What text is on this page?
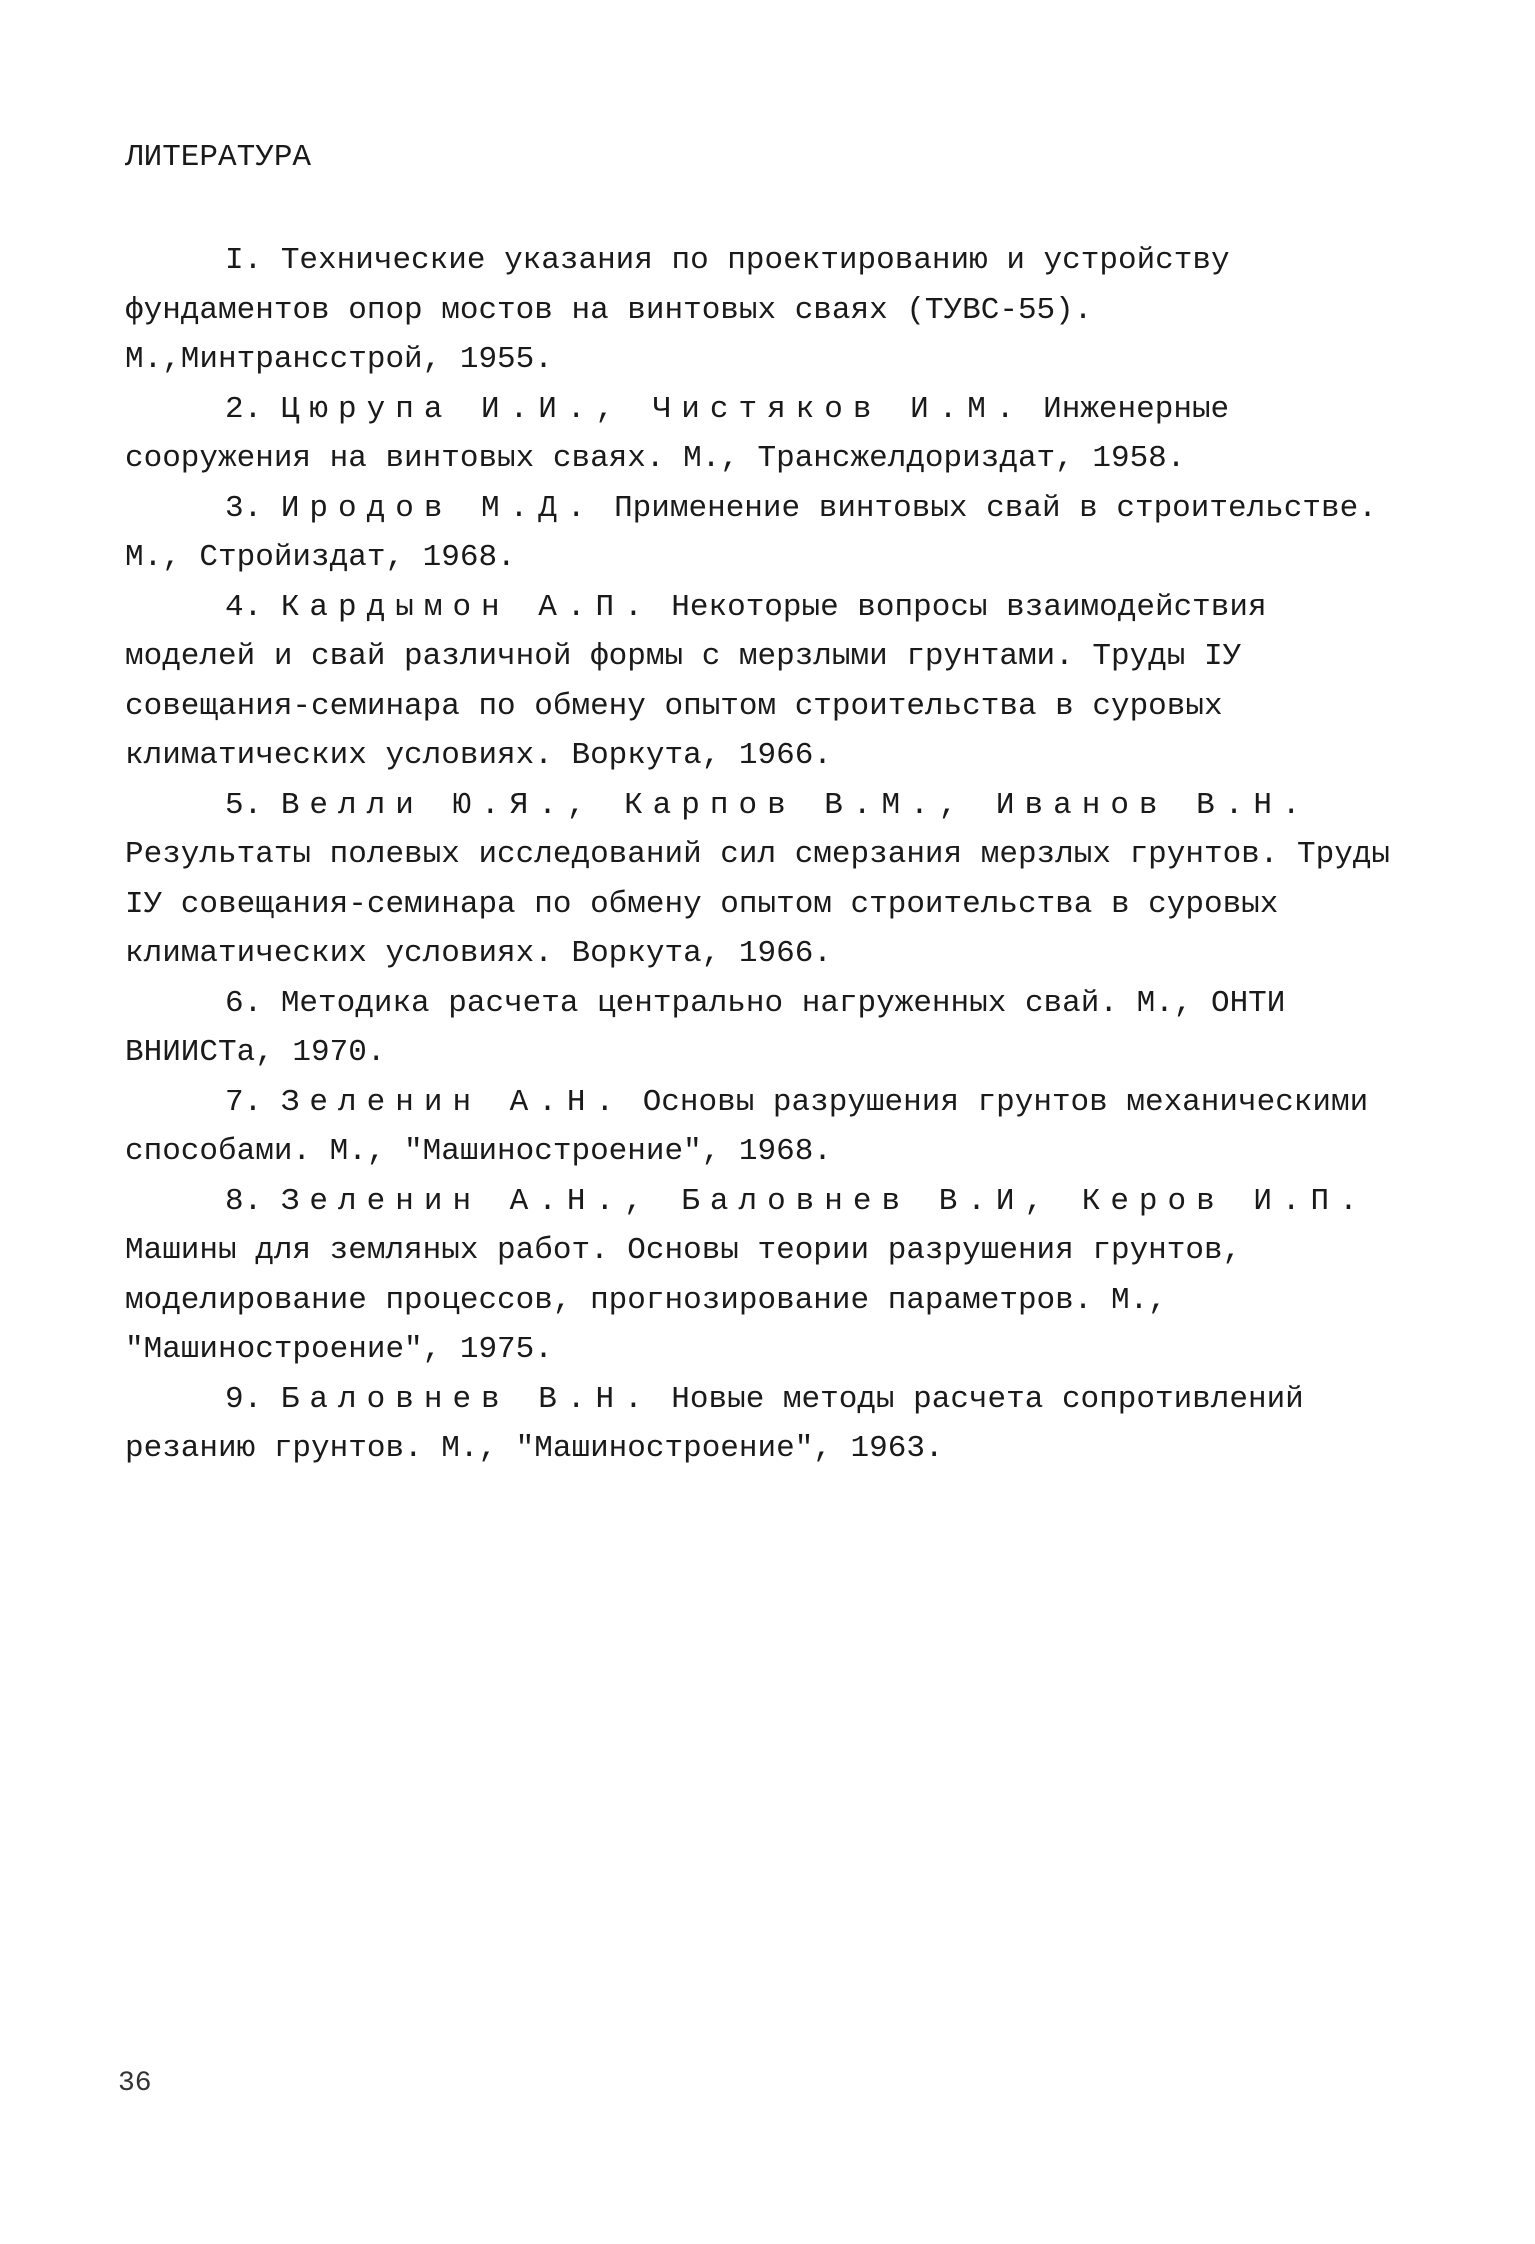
ЛИТЕРАТУРА
I. Технические указания по проектированию и устройству фундаментов опор мостов на винтовых сваях (ТУВС-55). М.,Минтрансстрой, 1955.
2. Цюрупа И.И., Чистяков И.М. Инженерные сооружения на винтовых сваях. М., Трансжелдориздат, 1958.
3. Иродов М.Д. Применение винтовых свай в строительстве. М., Стройиздат, 1968.
4. Кардымон А.П. Некоторые вопросы взаимодействия моделей и свай различной формы с мерзлыми грунтами. Труды IУ совещания-семинара по обмену опытом строительства в суровых климатических условиях. Воркута, 1966.
5. Велли Ю.Я., Карпов В.М., Иванов В.Н. Результаты полевых исследований сил смерзания мерзлых грунтов. Труды IУ совещания-семинара по обмену опытом строительства в суровых климатических условиях. Воркута, 1966.
6. Методика расчета центрально нагруженных свай. М., ОНТИ ВНИИСТа, 1970.
7. Зеленин А.Н. Основы разрушения грунтов механическими способами. М., "Машиностроение", 1968.
8. Зеленин А.Н., Баловнев В.И, Керов И.П. Машины для земляных работ. Основы теории разрушения грунтов, моделирование процессов, прогнозирование параметров. М., "Машиностроение", 1975.
9. Баловнев В.Н. Новые методы расчета сопротивлений резанию грунтов. М., "Машиностроение", 1963.
36
